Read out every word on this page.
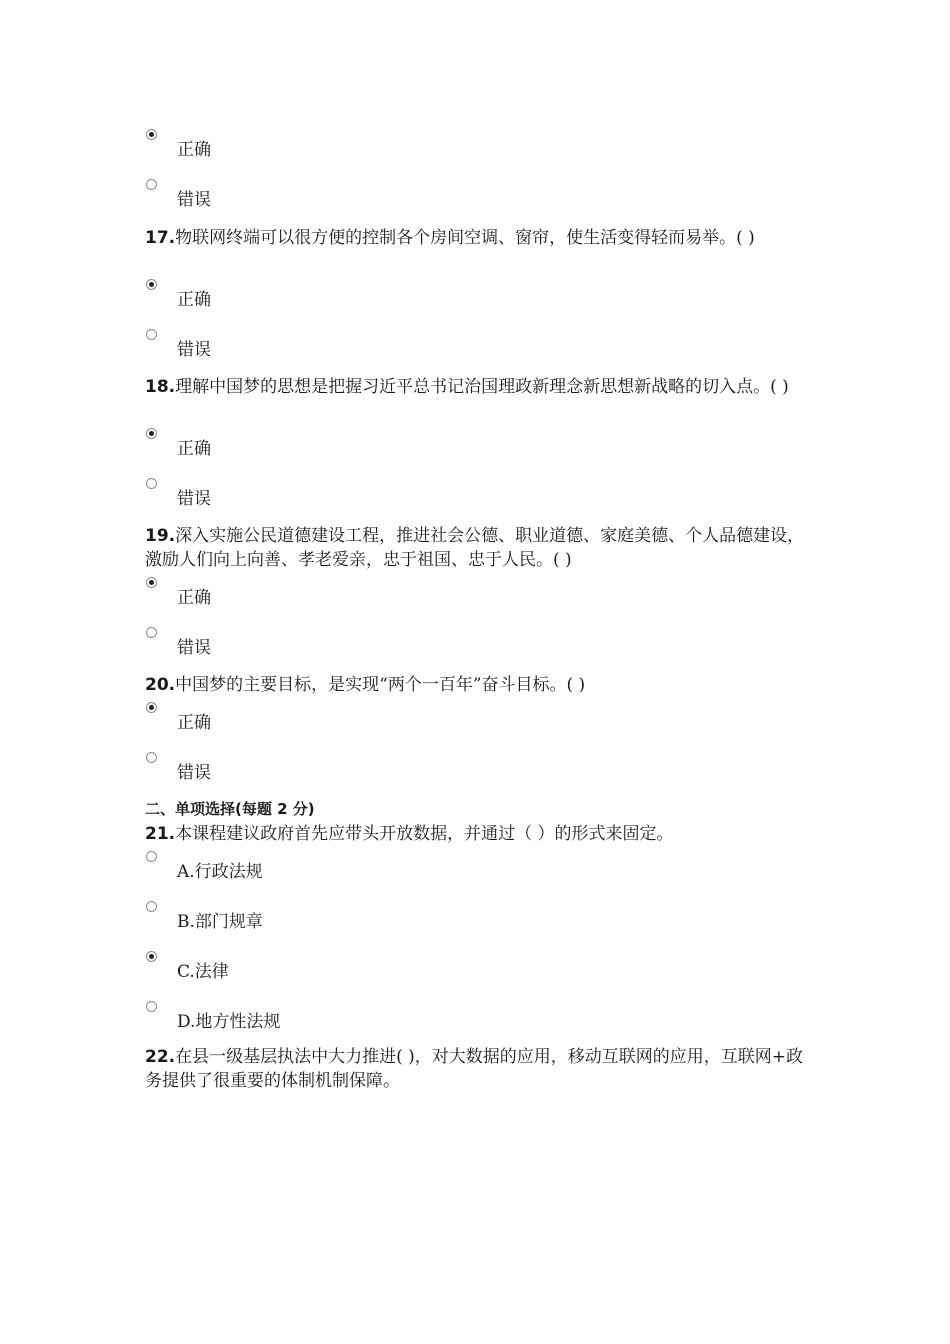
正确
错误
17.物联网终端可以很方便的控制各个房间空调、窗帘，使生活变得轻而易举。( )
正确
错误
18.理解中国梦的思想是把握习近平总书记治国理政新理念新思想新战略的切入点。( )
正确
错误
19.深入实施公民道德建设工程，推进社会公德、职业道德、家庭美德、个人品德建设，激励人们向上向善、孝老爱亲，忠于祖国、忠于人民。( )
正确
错误
20.中国梦的主要目标，是实现“两个一百年”奋斗目标。( )
正确
错误
二、单项选择(每题 2 分)
21.本课程建议政府首先应带头开放数据，并通过（ ）的形式来固定。
A.行政法规
B.部门规章
C.法律
D.地方性法规
22.在县一级基层执法中大力推进( )，对大数据的应用，移动互联网的应用，互联网+政务提供了很重要的体制机制保障。
